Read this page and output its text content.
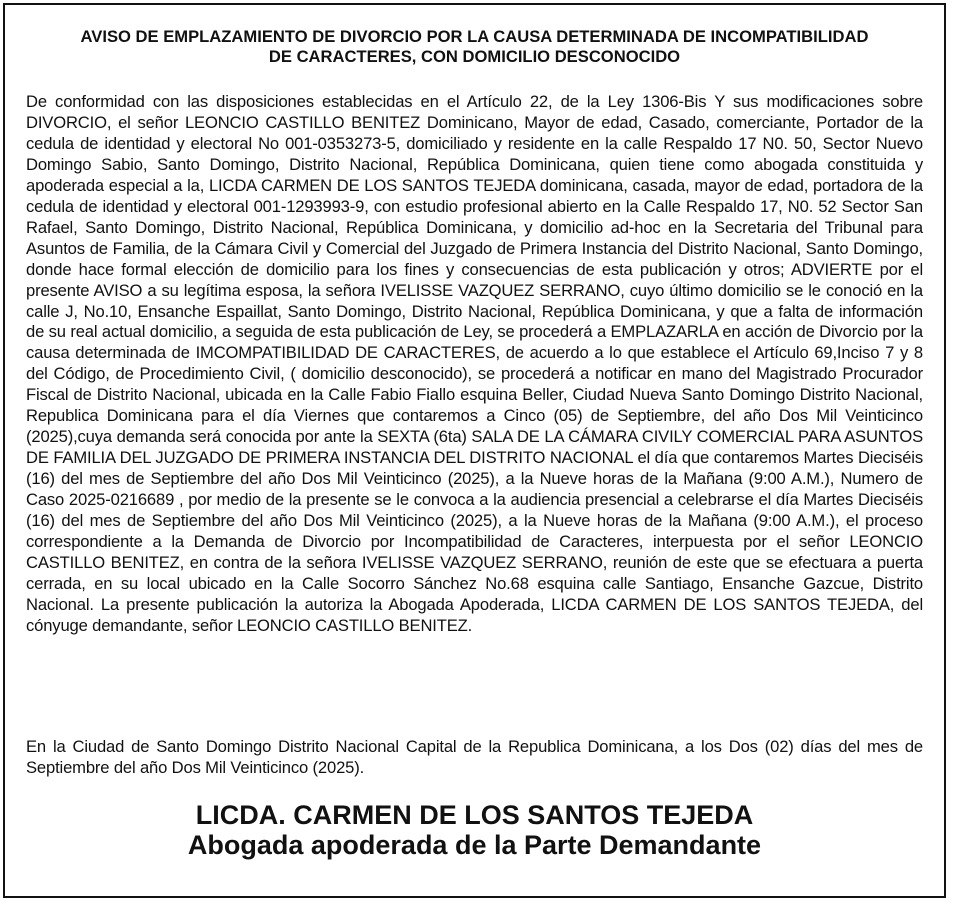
AVISO DE EMPLAZAMIENTO DE DIVORCIO POR LA CAUSA DETERMINADA DE INCOMPATIBILIDAD
DE CARACTERES, CON DOMICILIO DESCONOCIDO

De conformidad con las disposiciones establecidas en el Artículo 22, de la Ley 1306-Bis Y sus modificaciones sobre DIVORCIO, el señor LEONCIO CASTILLO BENITEZ Dominicano, Mayor de edad, Casado, comerciante, Portador de la cedula de identidad y electoral No 001-0353273-5, domiciliado y residente en la calle Respaldo 17 N0. 50, Sector Nuevo Domingo Sabio, Santo Domingo, Distrito Nacional, República Dominicana, quien tiene como abogada constituida y apoderada especial a la, LICDA CARMEN DE LOS SANTOS TEJEDA dominicana, casada, mayor de edad, portadora de la cedula de identidad y electoral 001-1293993-9, con estudio profesional abierto en la Calle Respaldo 17, N0. 52 Sector San Rafael, Santo Domingo, Distrito Nacional, República Dominicana, y domicilio ad-hoc en la Secretaria del Tribunal para Asuntos de Familia, de la Cámara Civil y Comercial del Juzgado de Primera Instancia del Distrito Nacional, Santo Domingo, donde hace formal elección de domicilio para los fines y consecuencias de esta publicación y otros; ADVIERTE por el presente AVISO a su legítima esposa, la señora IVELISSE VAZQUEZ SERRANO, cuyo último domicilio se le conoció en la calle J, No.10, Ensanche Espaillat, Santo Domingo, Distrito Nacional, República Dominicana, y que a falta de información de su real actual domicilio, a seguida de esta publicación de Ley, se procederá a EMPLAZARLA en acción de Divorcio por la causa determinada de IMCOMPATIBILIDAD DE CARACTERES, de acuerdo a lo que establece el Artículo 69,Inciso 7 y 8 del Código, de Procedimiento Civil, ( domicilio desconocido), se procederá a notificar en mano del Magistrado Procurador Fiscal de Distrito Nacional, ubicada en la Calle Fabio Fiallo esquina Beller, Ciudad Nueva Santo Domingo Distrito Nacional, Republica Dominicana para el día Viernes que contaremos a Cinco (05) de Septiembre, del año Dos Mil Veinticinco (2025),cuya demanda será conocida por ante la SEXTA (6ta) SALA DE LA CÁMARA CIVILY COMERCIAL PARA ASUNTOS DE FAMILIA DEL JUZGADO DE PRIMERA INSTANCIA DEL DISTRITO NACIONAL el día que contaremos Martes Dieciséis (16) del mes de Septiembre del año Dos Mil Veinticinco (2025), a la Nueve horas de la Mañana (9:00 A.M.), Numero de Caso 2025-0216689 , por medio de la presente se le convoca a la audiencia presencial a celebrarse el día Martes Dieciséis (16) del mes de Septiembre del año Dos Mil Veinticinco (2025), a la Nueve horas de la Mañana (9:00 A.M.), el proceso correspondiente a la Demanda de Divorcio por Incompatibilidad de Caracteres, interpuesta por el señor LEONCIO CASTILLO BENITEZ, en contra de la señora IVELISSE VAZQUEZ SERRANO, reunión de este que se efectuara a puerta cerrada, en su local ubicado en la Calle Socorro Sánchez No.68 esquina calle Santiago, Ensanche Gazcue, Distrito Nacional. La presente publicación la autoriza la Abogada Apoderada, LICDA CARMEN DE LOS SANTOS TEJEDA, del cónyuge demandante, señor LEONCIO CASTILLO BENITEZ.

En la Ciudad de Santo Domingo Distrito Nacional Capital de la Republica Dominicana, a los Dos (02) días del mes de Septiembre del año Dos Mil Veinticinco (2025).

LICDA. CARMEN DE LOS SANTOS TEJEDA
Abogada apoderada de la Parte Demandante
